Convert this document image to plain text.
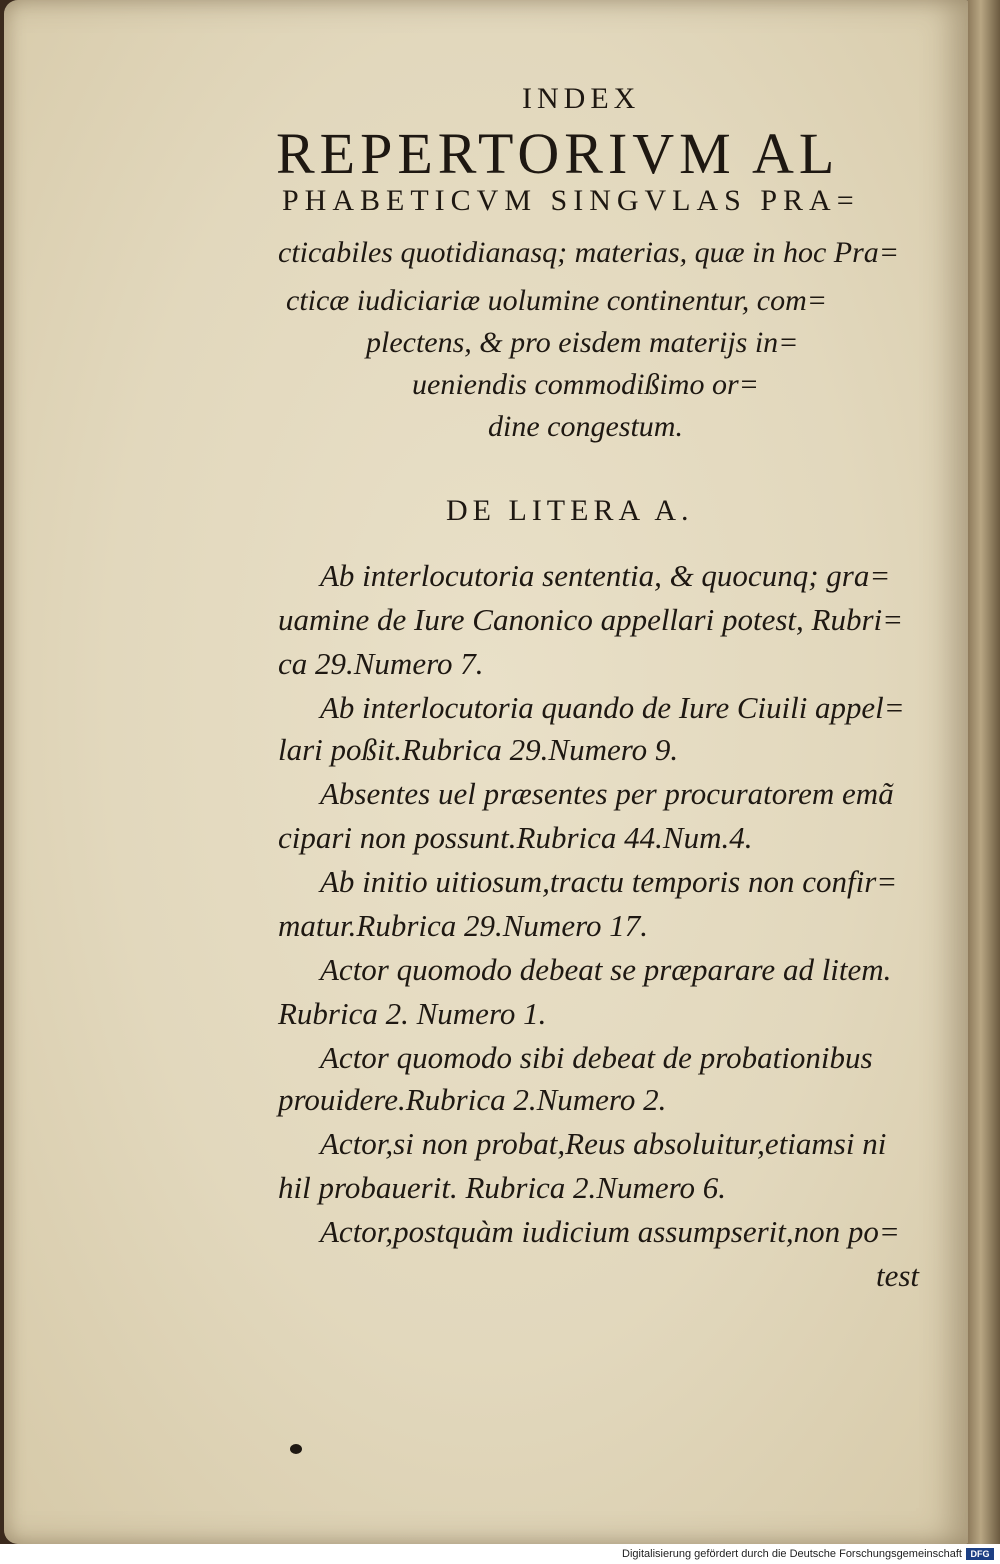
INDEX
REPERTORIVM AL
PHABETICVM SINGVLAS PRA=
cticabiles quotidianasq; materias, quæ in hoc Pra=
cticæ iudiciariæ uolumine continentur, com=
plectens, & pro eisdem materijs in=
ueniendis commodißimo or=
dine congestum.
DE LITERA A.
Ab interlocutoria sententia, & quocunq; gra=
uamine de Iure Canonico appellari potest, Rubri=
ca 29.Numero 7.
Ab interlocutoria quando de Iure Ciuili appel=
lari poßit.Rubrica 29.Numero 9.
Absentes uel præsentes per procuratorem emã
cipari non possunt.Rubrica 44.Num.4.
Ab initio uitiosum,tractu temporis non confir=
matur.Rubrica 29.Numero 17.
Actor quomodo debeat se præparare ad litem.
Rubrica 2. Numero 1.
Actor quomodo sibi debeat de probationibus
prouidere.Rubrica 2.Numero 2.
Actor,si non probat,Reus absoluitur,etiamsi ni
hil probauerit. Rubrica 2.Numero 6.
Actor,postquàm iudicium assumpserit,non po=
test
Digitalisierung gefördert durch die Deutsche Forschungsgemeinschaft DFG
